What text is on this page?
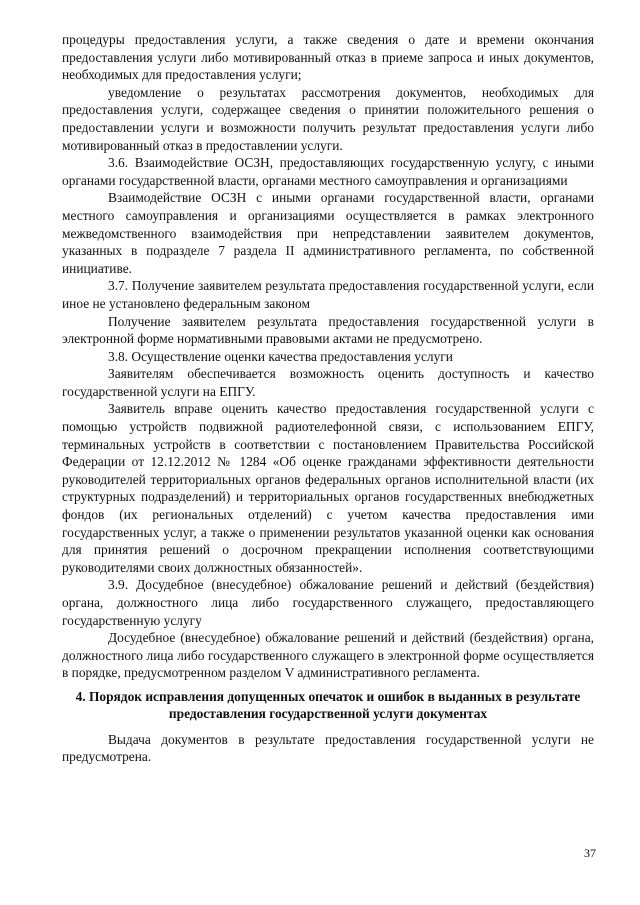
процедуры предоставления услуги, а также сведения о дате и времени окончания предоставления услуги либо мотивированный отказ в приеме запроса и иных документов, необходимых для предоставления услуги;

уведомление о результатах рассмотрения документов, необходимых для предоставления услуги, содержащее сведения о принятии положительного решения о предоставлении услуги и возможности получить результат предоставления услуги либо мотивированный отказ в предоставлении услуги.

3.6. Взаимодействие ОСЗН, предоставляющих государственную услугу, с иными органами государственной власти, органами местного самоуправления и организациями

Взаимодействие ОСЗН с иными органами государственной власти, органами местного самоуправления и организациями осуществляется в рамках электронного межведомственного взаимодействия при непредставлении заявителем документов, указанных в подразделе 7 раздела II административного регламента, по собственной инициативе.

3.7. Получение заявителем результата предоставления государственной услуги, если иное не установлено федеральным законом

Получение заявителем результата предоставления государственной услуги в электронной форме нормативными правовыми актами не предусмотрено.

3.8. Осуществление оценки качества предоставления услуги

Заявителям обеспечивается возможность оценить доступность и качество государственной услуги на ЕПГУ.

Заявитель вправе оценить качество предоставления государственной услуги с помощью устройств подвижной радиотелефонной связи, с использованием ЕПГУ, терминальных устройств в соответствии с постановлением Правительства Российской Федерации от 12.12.2012 № 1284 «Об оценке гражданами эффективности деятельности руководителей территориальных органов федеральных органов исполнительной власти (их структурных подразделений) и территориальных органов государственных внебюджетных фондов (их региональных отделений) с учетом качества предоставления ими государственных услуг, а также о применении результатов указанной оценки как основания для принятия решений о досрочном прекращении исполнения соответствующими руководителями своих должностных обязанностей».

3.9. Досудебное (внесудебное) обжалование решений и действий (бездействия) органа, должностного лица либо государственного служащего, предоставляющего государственную услугу

Досудебное (внесудебное) обжалование решений и действий (бездействия) органа, должностного лица либо государственного служащего в электронной форме осуществляется в порядке, предусмотренном разделом V административного регламента.

4. Порядок исправления допущенных опечаток и ошибок в выданных в результате предоставления государственной услуги документах

Выдача документов в результате предоставления государственной услуги не предусмотрена.

37
